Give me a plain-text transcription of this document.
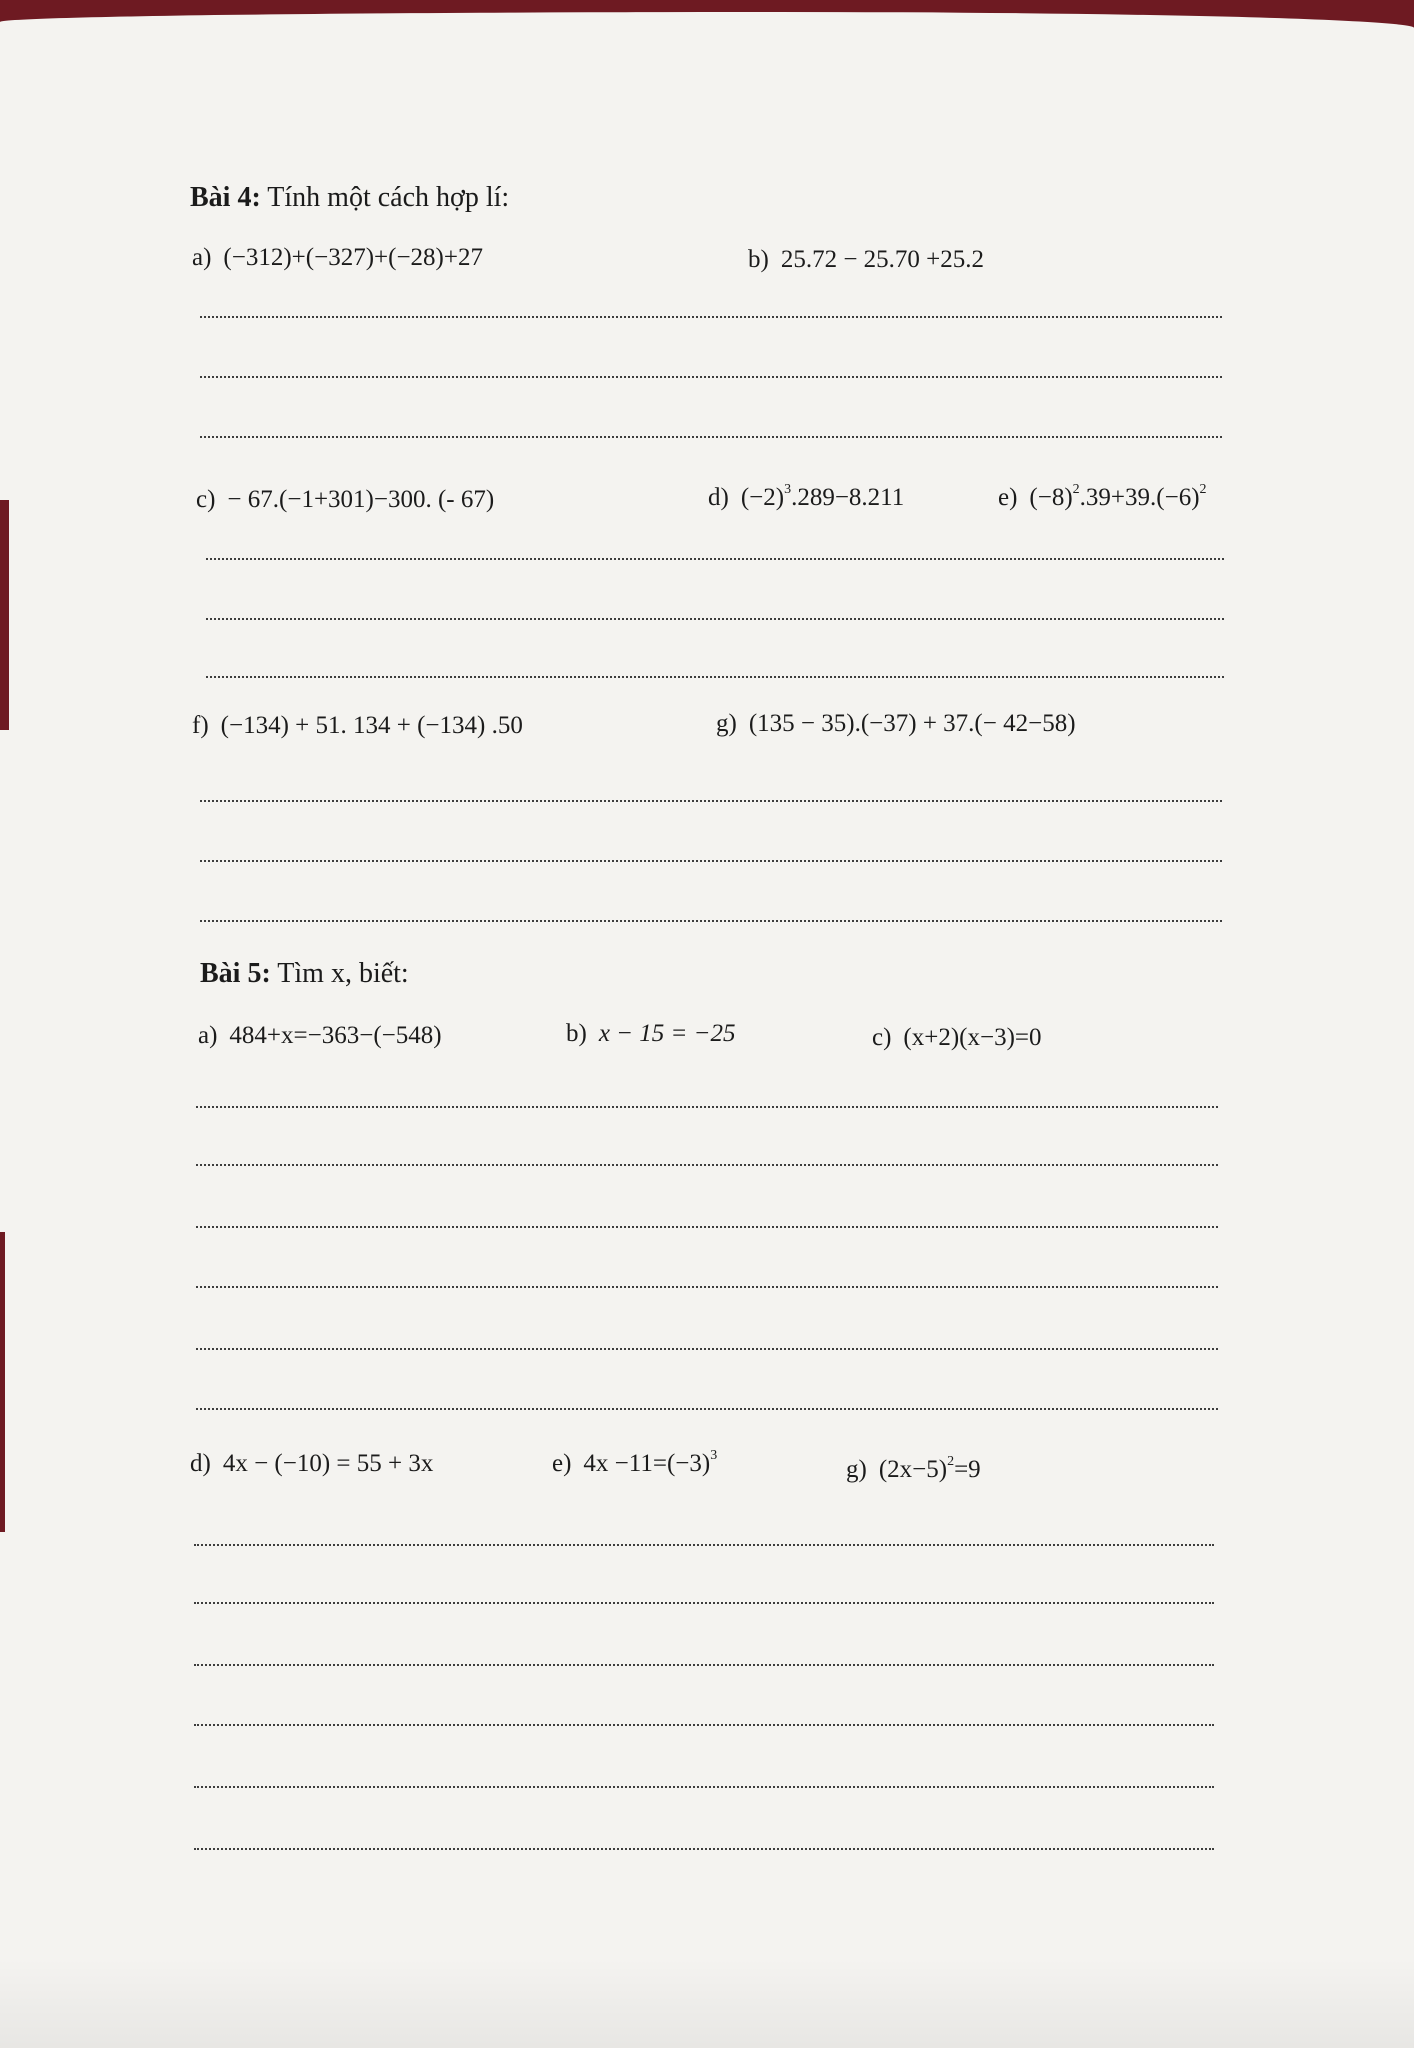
Bài 4: Tính một cách hợp lí:
a) (−312)+(−327)+(−28)+27	b) 25.72 − 25.70 +25.2
c) − 67.(−1+301)−300. (- 67)	d) $(-2)^3.289-8.211$	e) $(-8)^2.39+39.(-6)^2$
f) (−134) + 51. 134 + (−134) .50	g) (135 − 35).(−37) + 37.(− 42−58)
Bài 5: Tìm x, biết:
a) 484+x=−363−(−548)	b) x − 15 = −25	c) (x+2)(x−3)=0
d) 4x − (−10) = 55 + 3x	e) $4x -11=(-3)^3$
g) $(2x-5)^2=9$
